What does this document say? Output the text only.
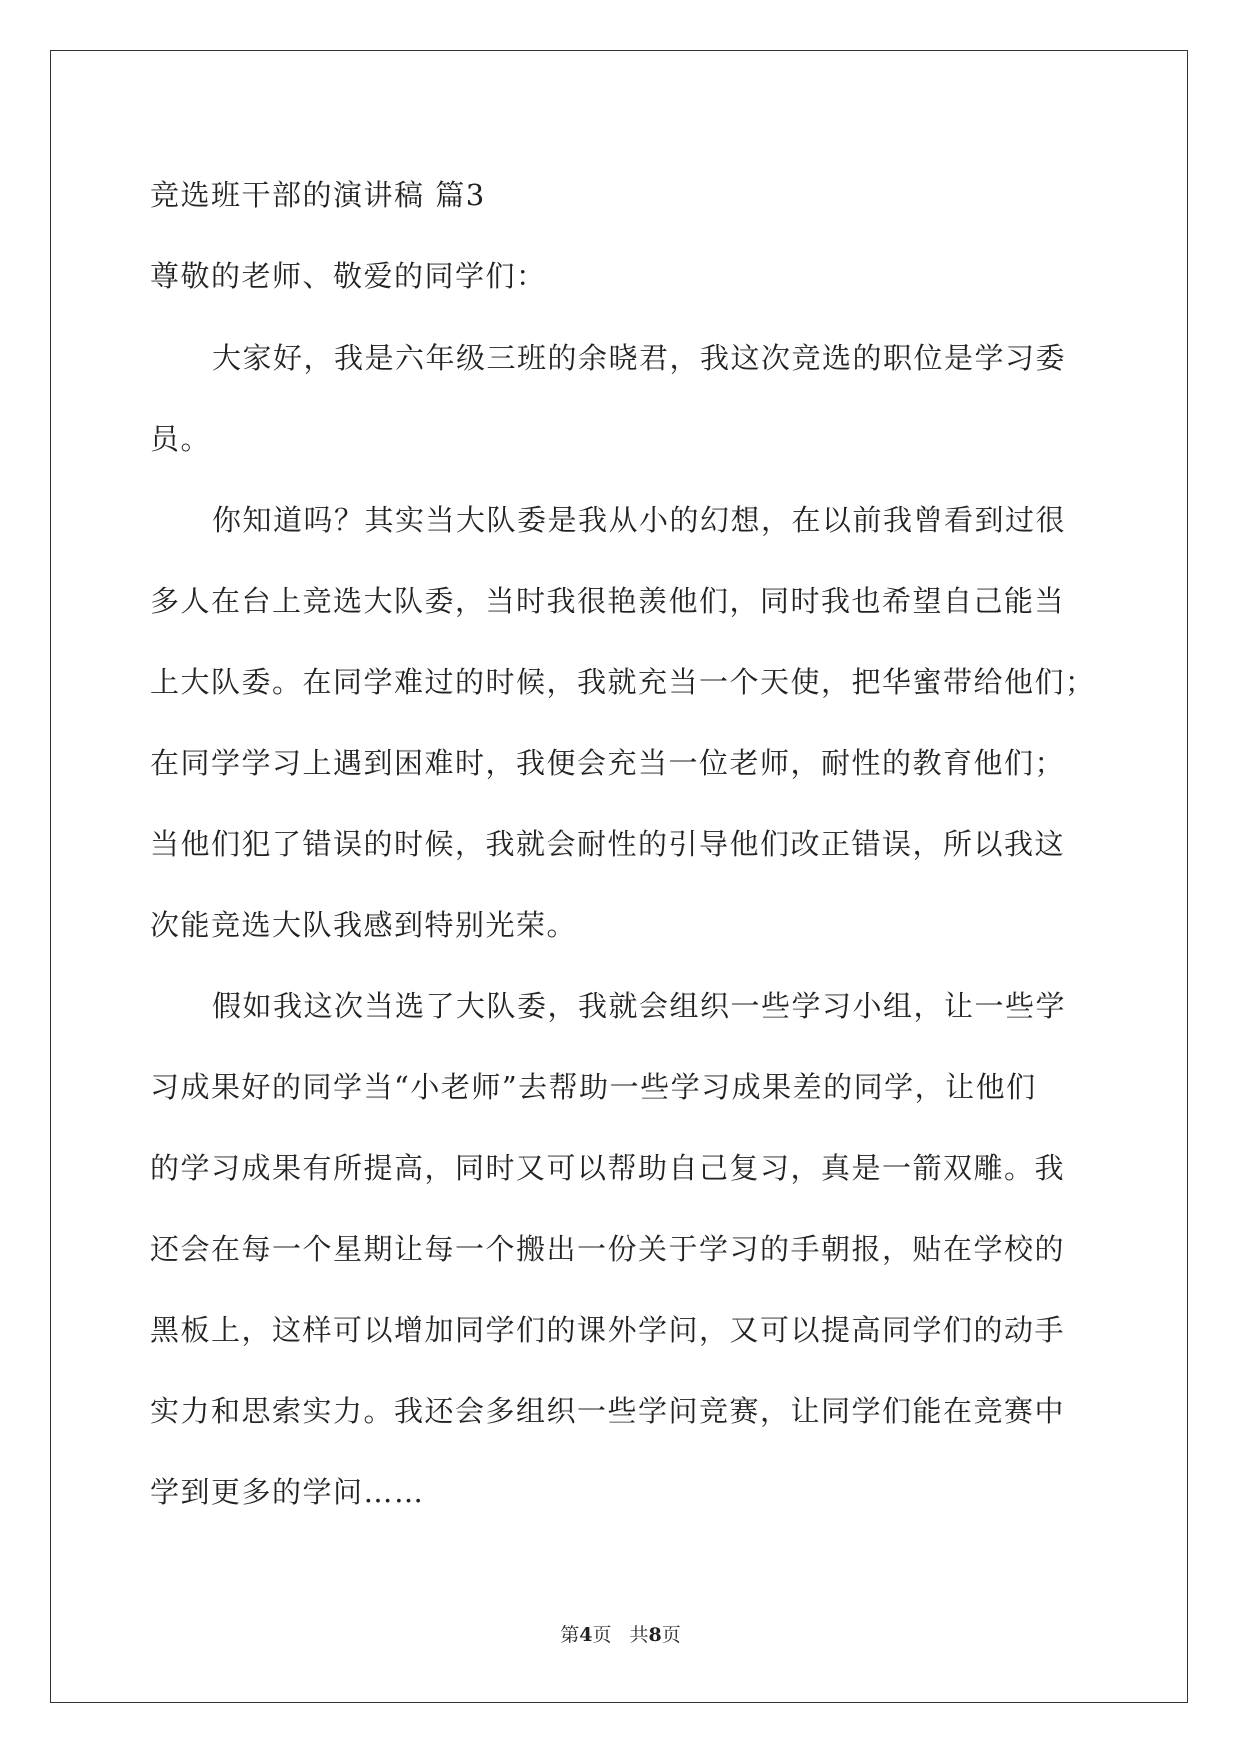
竞选班干部的演讲稿 篇3
尊敬的老师、敬爱的同学们：
大家好，我是六年级三班的余晓君，我这次竞选的职位是学习委
员。
你知道吗？其实当大队委是我从小的幻想，在以前我曾看到过很
多人在台上竞选大队委，当时我很艳羡他们，同时我也希望自己能当
上大队委。在同学难过的时候，我就充当一个天使，把华蜜带给他们；
在同学学习上遇到困难时，我便会充当一位老师，耐性的教育他们；
当他们犯了错误的时候，我就会耐性的引导他们改正错误，所以我这
次能竞选大队我感到特别光荣。
假如我这次当选了大队委，我就会组织一些学习小组，让一些学
习成果好的同学当“小老师”去帮助一些学习成果差的同学，让他们
的学习成果有所提高，同时又可以帮助自己复习，真是一箭双雕。我
还会在每一个星期让每一个搬出一份关于学习的手朝报，贴在学校的
黑板上，这样可以增加同学们的课外学问，又可以提高同学们的动手
实力和思索实力。我还会多组织一些学问竞赛，让同学们能在竞赛中
学到更多的学问……
第4页 共8页
